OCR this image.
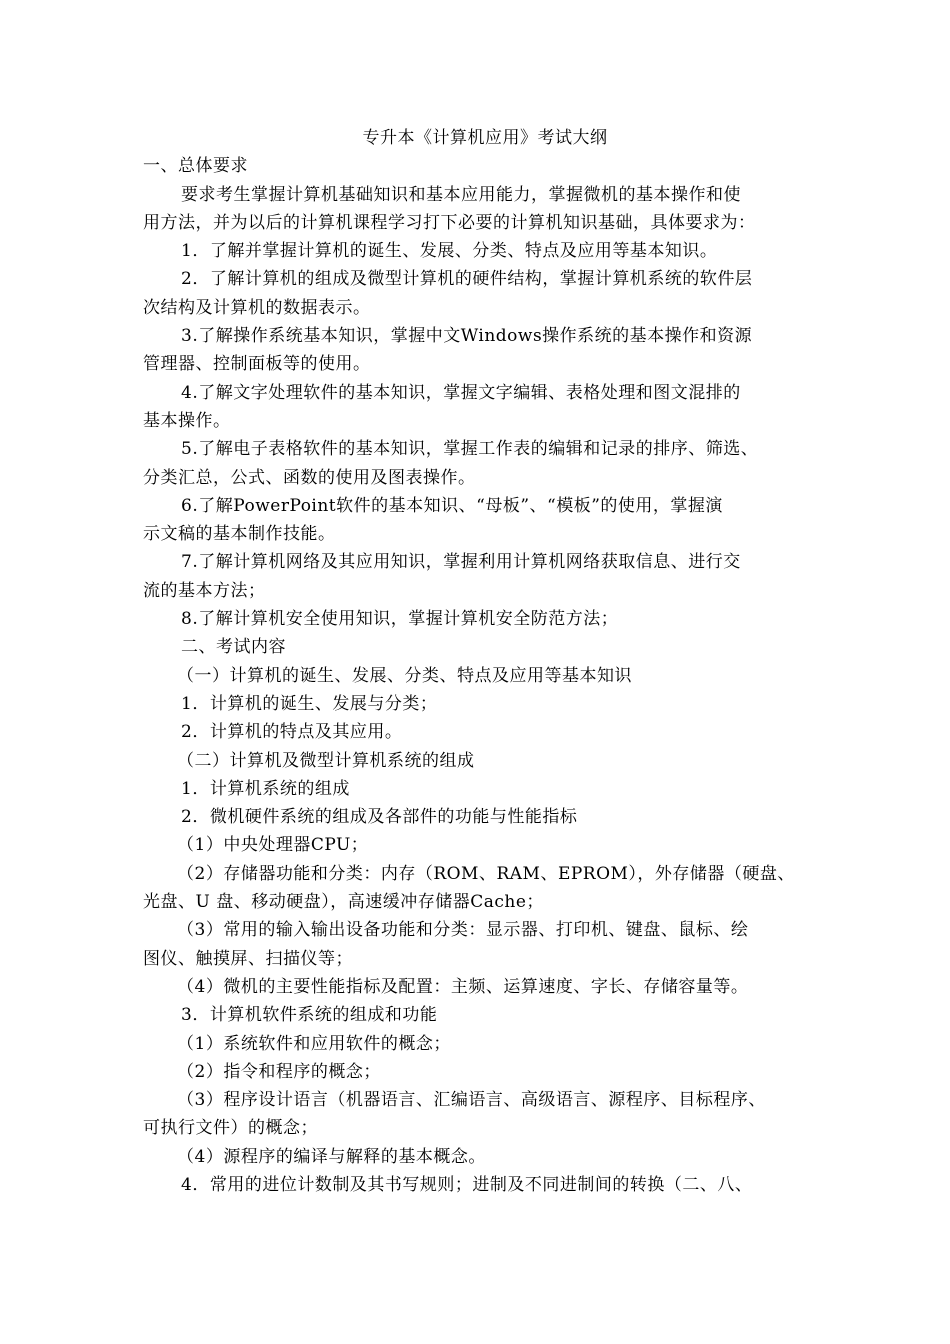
专升本《计算机应用》考试大纲
一、总体要求
要求考生掌握计算机基础知识和基本应用能力，掌握微机的基本操作和使
用方法，并为以后的计算机课程学习打下必要的计算机知识基础，具体要求为：
1．了解并掌握计算机的诞生、发展、分类、特点及应用等基本知识。
2．了解计算机的组成及微型计算机的硬件结构，掌握计算机系统的软件层
次结构及计算机的数据表示。
3.了解操作系统基本知识，掌握中文Windows操作系统的基本操作和资源
管理器、控制面板等的使用。
4.了解文字处理软件的基本知识，掌握文字编辑、表格处理和图文混排的
基本操作。
5.了解电子表格软件的基本知识，掌握工作表的编辑和记录的排序、筛选、
分类汇总，公式、函数的使用及图表操作。
6.了解PowerPoint软件的基本知识、“母板”、“模板”的使用，掌握演
示文稿的基本制作技能。
7.了解计算机网络及其应用知识，掌握利用计算机网络获取信息、进行交
流的基本方法；
8.了解计算机安全使用知识，掌握计算机安全防范方法；
二、考试内容
（一）计算机的诞生、发展、分类、特点及应用等基本知识
1．计算机的诞生、发展与分类；
2．计算机的特点及其应用。
（二）计算机及微型计算机系统的组成
1．计算机系统的组成
2．微机硬件系统的组成及各部件的功能与性能指标
（1）中央处理器CPU；
（2）存储器功能和分类：内存（ROM、RAM、EPROM），外存储器（硬盘、
光盘、U 盘、移动硬盘），高速缓冲存储器Cache；
（3）常用的输入输出设备功能和分类：显示器、打印机、键盘、鼠标、绘
图仪、触摸屏、扫描仪等；
（4）微机的主要性能指标及配置：主频、运算速度、字长、存储容量等。
3．计算机软件系统的组成和功能
（1）系统软件和应用软件的概念；
（2）指令和程序的概念；
（3）程序设计语言（机器语言、汇编语言、高级语言、源程序、目标程序、
可执行文件）的概念；
（4）源程序的编译与解释的基本概念。
4．常用的进位计数制及其书写规则；进制及不同进制间的转换（二、八、
